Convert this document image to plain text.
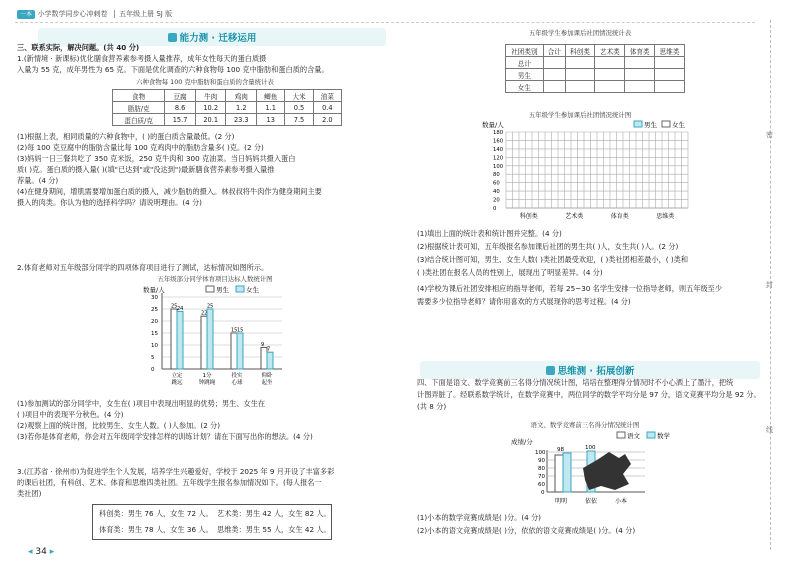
一本 小学数学同步心冲刺卷 五年级上册 SJ 版
能力测 · 迁移运用
三、联系实际，解决问题。(共 40 分)
1.(新情境 · 新课标)优化膳食营养素参考摄入量推荐，成年女性每天的蛋白质摄
入量为 55 克，成年男性为 65 克。下面是优化调查的六种食物每 100 克中脂肪和蛋白质的含量。
六种食物每 100 克中脂肪和蛋白质的含量统计表
食物	豆腐	牛肉	鸡肉	鲫鱼	大米	油菜
脂肪/克	8.6	10.2	1.2	1.1	0.5	0.4
蛋白质/克	15.7	20.1	23.3	13	7.5	2.0
(1)根据上表，相同质量的六种食物中，( )的蛋白质含量最低。(2 分)
(2)每 100 克豆腐中的脂肪含量比每 100 克鸡肉中的脂肪含量多( )克。(2 分)
(3)妈妈一日三餐共吃了 350 克米饭，250 克牛肉和 300 克油菜。当日妈妈共摄入蛋白
质( )克。蛋白质的摄入量( )(填"已达到"或"没达到")最新膳食营养素参考摄入量推
荐量。(4 分)
(4)在健身期间，增肌需要增加蛋白质的摄入，减少脂肪的摄入。林叔叔将牛肉作为健身期间主要
摄入的肉类。你认为他的选择科学吗？请说明理由。(4 分)
2.体育老师对五年级部分同学的四项体育项目进行了测试，达标情况如图所示。
五年级部分同学体育项目达标人数统计图
数量/人	男生	女生
30
25
20
15
10
5
0
25 24
立定
跳远
22
25
1分
钟跳绳
15 15
投实
心球
9
7
仰卧
起坐
(1)参加测试的部分同学中，女生在( )项目中表现出明显的优势；男生、女生在
( )项目中的表现平分秋色。(4 分)
(2)观察上面的统计图，比较男生、女生人数。( )人参加。(2 分)
(3)若你是体育老师，你会对五年级同学安排怎样的训练计划？请在下面写出你的想法。(4 分)
3.(江苏省 · 徐州市)为促进学生个人发展，培养学生兴趣爱好，学校于 2025 年 9 月开设了丰富多彩
的课后社团，有科创、艺术、体育和思维四类社团。五年级学生报名参加情况如下。(每人报名一
类社团)
科创类：男生 76 人，女生 72 人。 艺术类：男生 42 人，女生 82 人。
体育类：男生 78 人，女生 36 人。 思维类：男生 55 人，女生 42 人。
◂ 34 ▸
五年级学生参加课后社团情况统计表
社团类别	合计	科创类	艺术类	体育类	思维类
总计					
男生					
女生					
五年级学生参加课后社团情况统计图
数量/人	男生 女生
180
160
140
120
100
80
60
40
20
0
科创类	艺术类	体育类	思维类
(1)填出上面的统计表和统计图并完整。(4 分)
(2)根据统计表可知，五年级报名参加课后社团的男生共( )人，女生共( )人。(2 分)
(3)结合统计图可知，男生、女生人数( )类社团最受欢迎，( )类社团相差最小，( )类和
( )类社团在报名人员的性别上，展现出了明显差异。(4 分)
(4)学校为课后社团安排相应的指导老师，若每 25~30 名学生安排一位指导老师，则五年级至少
需要多少位指导老师？请你用喜欢的方式展现你的思考过程。(4 分)
思维测 · 拓展创新
四、下面是语文、数学竞赛前三名得分情况统计图，培培在整理得分情况时不小心洒上了墨汁，把统
计图弄脏了。经联系数学统计，在数学竞赛中，两位同学的数学平均分是 97 分，语文竞赛平均分是 92 分。
(共 8 分)
语文、数学竞赛前三名得分情况统计图
成绩/分
语文	数学
100
90
80
70
60
0
98	100
明明	依依	小本
(1)小本的数学竞赛成绩是( )分。(4 分)
(2)小本的语文竞赛成绩是( )分，依依的语文竞赛成绩是( )分。(4 分)
密
封
线
